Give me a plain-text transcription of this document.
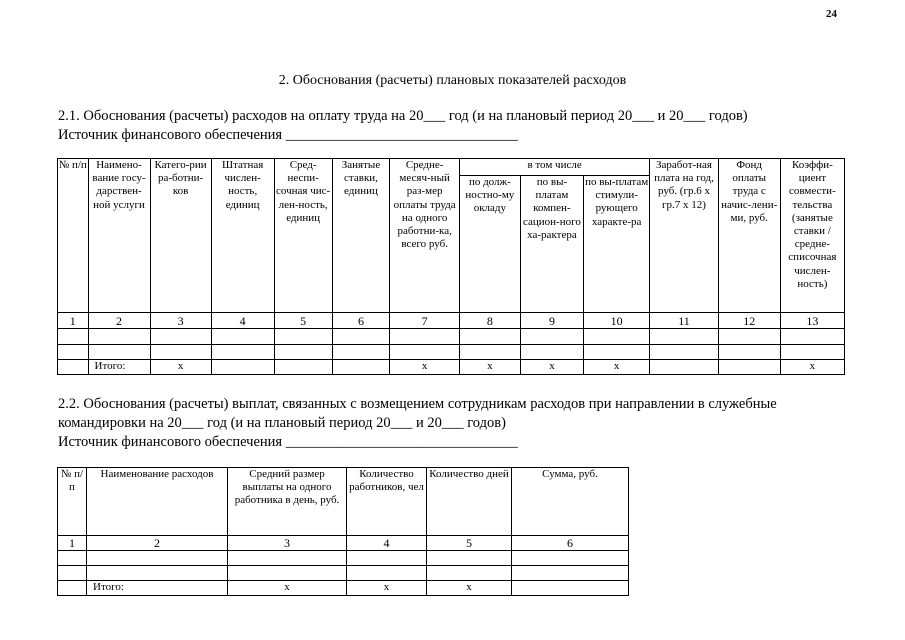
24
2. Обоснования (расчеты) плановых показателей расходов
2.1. Обоснования (расчеты) расходов на оплату труда на 20___ год (и на плановый период 20___ и 20___ годов)
Источник финансового обеспечения ________________________________
№ п/п	Наимено-вание госу-дарствен-ной услуги	Катего-рии ра-ботни-ков	Штатная числен-ность, единиц	Сред-неспи-сочная чис-лен-ность, единиц	Занятые ставки, единиц	Средне-месяч-ный раз-мер оплаты труда на одного работни-ка, всего руб.	в том числе			Заработ-ная плата на год, руб. (гр.6 х гр.7 х 12)	Фонд оплаты труда с начис-лени-ми, руб.	Коэффи-циент совмести-тельства (занятые ставки / средне-списочная числен-ность)
							по долж-ностно-му окладу	по вы-платам компен-сацион-ного ха-рактера	по вы-платам стимули-рующего характе-ра			
1	2	3	4	5	6	7	8	9	10	11	12	13

	Итого:	х				х	х	х	х			х
2.2. Обоснования (расчеты) выплат, связанных с возмещением сотрудникам расходов при направлении в служебные
командировки на 20___ год (и на плановый период 20___ и 20___ годов)
Источник финансового обеспечения ________________________________
№ п/п	Наименование расходов	Средний размер выплаты на одного работника в день, руб.	Количество работников, чел	Количество дней	Сумма, руб.
1	2	3	4	5	6

	Итого:	х	х	х	
